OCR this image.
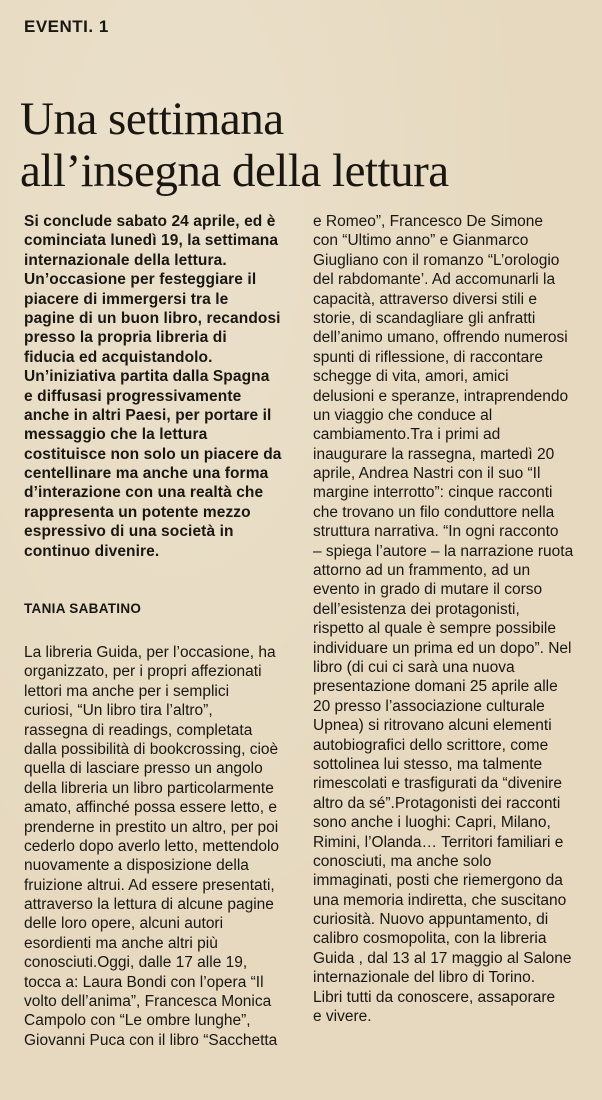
EVENTI. 1
Una settimana
all’insegna della lettura
Si conclude sabato 24 aprile, ed è
cominciata lunedì 19, la settimana
internazionale della lettura.
Un’occasione per festeggiare il
piacere di immergersi tra le
pagine di un buon libro, recandosi
presso la propria libreria di
fiducia ed acquistandolo.
Un’iniziativa partita dalla Spagna
e diffusasi progressivamente
anche in altri Paesi, per portare il
messaggio che la lettura
costituisce non solo un piacere da
centellinare ma anche una forma
d’interazione con una realtà che
rappresenta un potente mezzo
espressivo di una società in
continuo divenire.
TANIA SABATINO
La libreria Guida, per l’occasione, ha
organizzato, per i propri affezionati
lettori ma anche per i semplici
curiosi, “Un libro tira l’altro”,
rassegna di readings, completata
dalla possibilità di bookcrossing, cioè
quella di lasciare presso un angolo
della libreria un libro particolarmente
amato, affinché possa essere letto, e
prenderne in prestito un altro, per poi
cederlo dopo averlo letto, mettendolo
nuovamente a disposizione della
fruizione altrui. Ad essere presentati,
attraverso la lettura di alcune pagine
delle loro opere, alcuni autori
esordienti ma anche altri più
conosciuti.Oggi, dalle 17 alle 19,
tocca a: Laura Bondi con l’opera “Il
volto dell’anima”, Francesca Monica
Campolo con “Le ombre lunghe”,
Giovanni Puca con il libro “Sacchetta
e Romeo”, Francesco De Simone
con “Ultimo anno” e Gianmarco
Giugliano con il romanzo “L’orologio
del rabdomante’. Ad accomunarli la
capacità, attraverso diversi stili e
storie, di scandagliare gli anfratti
dell’animo umano, offrendo numerosi
spunti di riflessione, di raccontare
schegge di vita, amori, amici
delusioni e speranze, intraprendendo
un viaggio che conduce al
cambiamento.Tra i primi ad
inaugurare la rassegna, martedì 20
aprile, Andrea Nastri con il suo “Il
margine interrotto”: cinque racconti
che trovano un filo conduttore nella
struttura narrativa. “In ogni racconto
– spiega l’autore – la narrazione ruota
attorno ad un frammento, ad un
evento in grado di mutare il corso
dell’esistenza dei protagonisti,
rispetto al quale è sempre possibile
individuare un prima ed un dopo”. Nel
libro (di cui ci sarà una nuova
presentazione domani 25 aprile alle
20 presso l’associazione culturale
Upnea) si ritrovano alcuni elementi
autobiografici dello scrittore, come
sottolinea lui stesso, ma talmente
rimescolati e trasfigurati da “divenire
altro da sé”.Protagonisti dei racconti
sono anche i luoghi: Capri, Milano,
Rimini, l’Olanda… Territori familiari e
conosciuti, ma anche solo
immaginati, posti che riemergono da
una memoria indiretta, che suscitano
curiosità. Nuovo appuntamento, di
calibro cosmopolita, con la libreria
Guida , dal 13 al 17 maggio al Salone
internazionale del libro di Torino.
Libri tutti da conoscere, assaporare
e vivere.
